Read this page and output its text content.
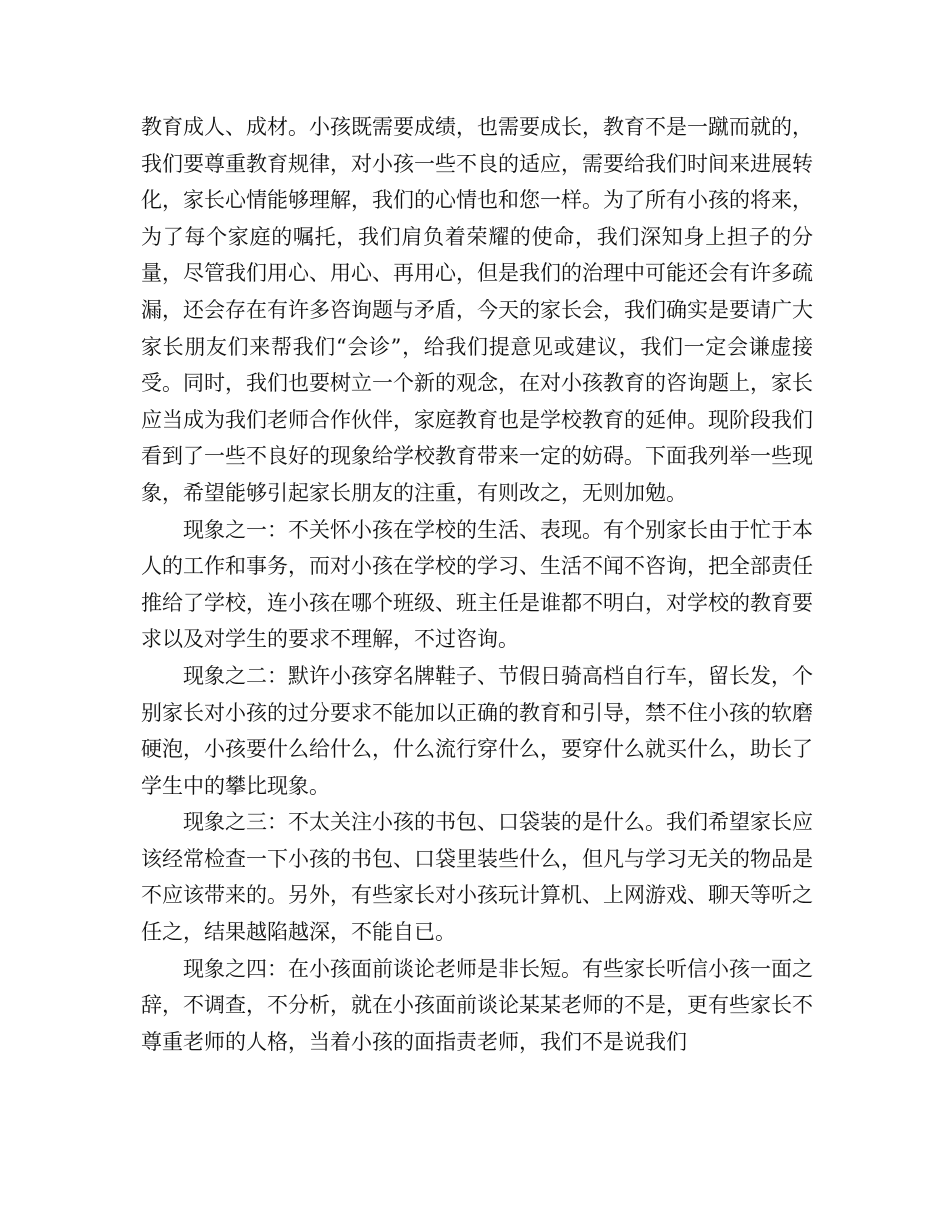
教育成人、成材。小孩既需要成绩，也需要成长，教育不是一蹴而就的，我们要尊重教育规律，对小孩一些不良的适应，需要给我们时间来进展转化，家长心情能够理解，我们的心情也和您一样。为了所有小孩的将来，为了每个家庭的嘱托，我们肩负着荣耀的使命，我们深知身上担子的分量，尽管我们用心、用心、再用心，但是我们的治理中可能还会有许多疏漏，还会存在有许多咨询题与矛盾，今天的家长会，我们确实是要请广大家长朋友们来帮我们“会诊”，给我们提意见或建议，我们一定会谦虚接受。同时，我们也要树立一个新的观念，在对小孩教育的咨询题上，家长应当成为我们老师合作伙伴，家庭教育也是学校教育的延伸。现阶段我们看到了一些不良好的现象给学校教育带来一定的妨碍。下面我列举一些现象，希望能够引起家长朋友的注重，有则改之，无则加勉。

现象之一：不关怀小孩在学校的生活、表现。有个别家长由于忙于本人的工作和事务，而对小孩在学校的学习、生活不闻不咨询，把全部责任推给了学校，连小孩在哪个班级、班主任是谁都不明白，对学校的教育要求以及对学生的要求不理解，不过咨询。

现象之二：默许小孩穿名牌鞋子、节假日骑高档自行车，留长发，个别家长对小孩的过分要求不能加以正确的教育和引导，禁不住小孩的软磨硬泡，小孩要什么给什么，什么流行穿什么，要穿什么就买什么，助长了学生中的攀比现象。

现象之三：不太关注小孩的书包、口袋装的是什么。我们希望家长应该经常检查一下小孩的书包、口袋里装些什么，但凡与学习无关的物品是不应该带来的。另外，有些家长对小孩玩计算机、上网游戏、聊天等听之任之，结果越陷越深，不能自已。

现象之四：在小孩面前谈论老师是非长短。有些家长听信小孩一面之辞，不调查，不分析，就在小孩面前谈论某某老师的不是，更有些家长不尊重老师的人格，当着小孩的面指责老师，我们不是说我们
